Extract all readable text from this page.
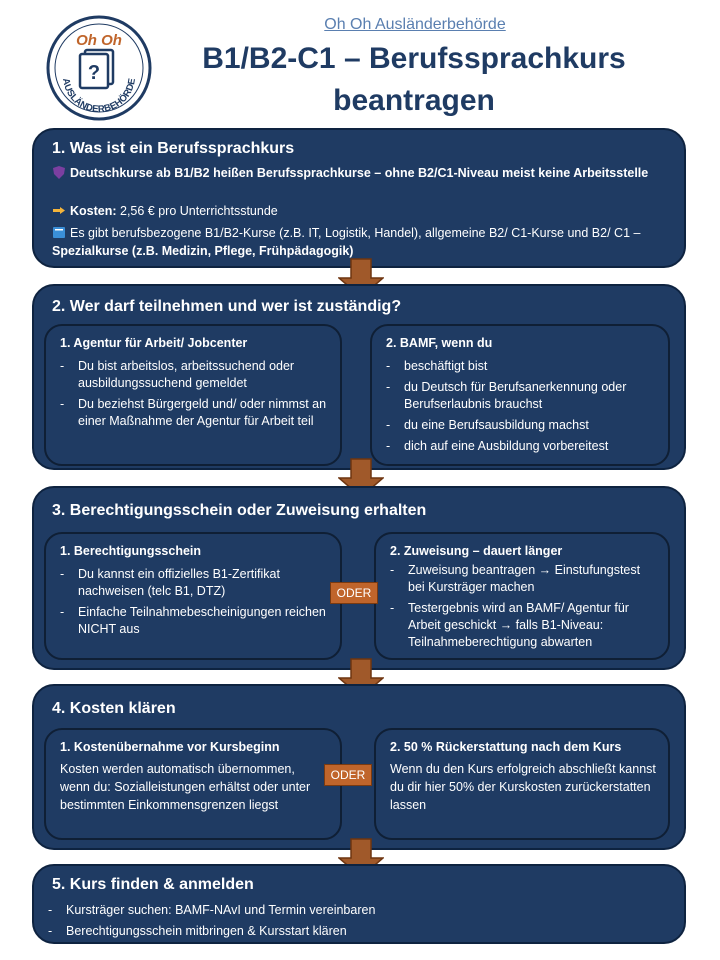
Oh Oh
?
AUSLÄNDERBEHÖRDE
Oh Oh Ausländerbehörde
B1/B2-C1 – Berufssprachkurs
beantragen
1. Was ist ein Berufssprachkurs
Deutschkurse ab B1/B2 heißen Berufssprachkurse – ohne B2/C1-Niveau meist keine Arbeitsstelle
Kosten: 2,56 € pro Unterrichtsstunde
Es gibt berufsbezogene B1/B2-Kurse (z.B. IT, Logistik, Handel), allgemeine B2/ C1-Kurse und B2/ C1 – Spezialkurse (z.B. Medizin, Pflege, Frühpädagogik)
2. Wer darf teilnehmen und wer ist zuständig?
1. Agentur für Arbeit/ Jobcenter
- Du bist arbeitslos, arbeitssuchend oder ausbildungssuchend gemeldet
- Du beziehst Bürgergeld und/ oder nimmst an einer Maßnahme der Agentur für Arbeit teil
2. BAMF, wenn du
- beschäftigt bist
- du Deutsch für Berufsanerkennung oder Berufserlaubnis brauchst
- du eine Berufsausbildung machst
- dich auf eine Ausbildung vorbereitest
3. Berechtigungsschein oder Zuweisung erhalten
1. Berechtigungsschein
- Du kannst ein offizielles B1-Zertifikat nachweisen (telc B1, DTZ)
- Einfache Teilnahmebescheinigungen reichen NICHT aus
2. Zuweisung – dauert länger
- Zuweisung beantragen → Einstufungstest bei Kursträger machen
- Testergebnis wird an BAMF/ Agentur für Arbeit geschickt → falls B1-Niveau: Teilnahmeberechtigung abwarten
ODER
4. Kosten klären
1. Kostenübernahme vor Kursbeginn
Kosten werden automatisch übernommen, wenn du: Sozialleistungen erhältst oder unter bestimmten Einkommensgrenzen liegst
2. 50 % Rückerstattung nach dem Kurs
Wenn du den Kurs erfolgreich abschließt kannst du dir hier 50% der Kurskosten zurückerstatten lassen
ODER
5. Kurs finden & anmelden
- Kursträger suchen: BAMF-NAvI und Termin vereinbaren
- Berechtigungsschein mitbringen & Kursstart klären
